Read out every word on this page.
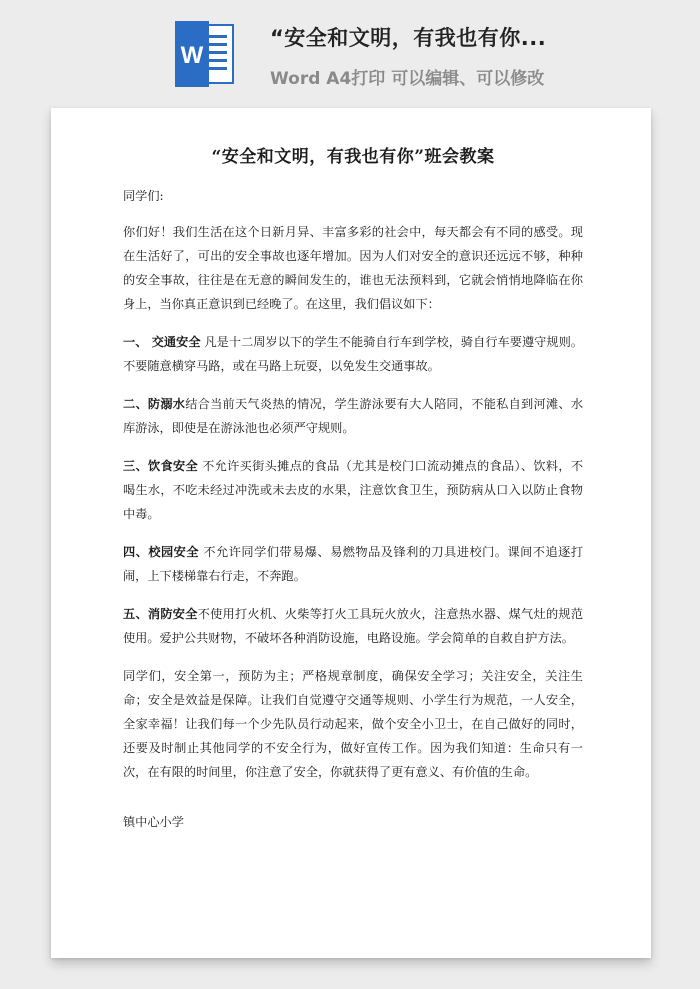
W
“安全和文明，有我也有你...
Word A4打印 可以编辑、可以修改
“安全和文明，有我也有你”班会教案

同学们:

你们好！我们生活在这个日新月异、丰富多彩的社会中，每天都会有不同的感受。现在生活好了，可出的安全事故也逐年增加。因为人们对安全的意识还远远不够，种种的安全事故，往往是在无意的瞬间发生的，谁也无法预料到，它就会悄悄地降临在你身上，当你真正意识到已经晚了。在这里，我们倡议如下：

一、 交通安全 凡是十二周岁以下的学生不能骑自行车到学校，骑自行车要遵守规则。不要随意横穿马路，或在马路上玩耍，以免发生交通事故。

二、防溺水结合当前天气炎热的情况，学生游泳要有大人陪同，不能私自到河滩、水库游泳，即使是在游泳池也必须严守规则。

三、饮食安全 不允许买街头摊点的食品（尤其是校门口流动摊点的食品）、饮料，不喝生水，不吃未经过冲洗或未去皮的水果，注意饮食卫生，预防病从口入以防止食物中毒。

四、校园安全 不允许同学们带易爆、易燃物品及锋利的刀具进校门。课间不追逐打闹，上下楼梯靠右行走，不奔跑。

五、消防安全不使用打火机、火柴等打火工具玩火放火，注意热水器、煤气灶的规范使用。爱护公共财物，不破坏各种消防设施，电路设施。学会简单的自救自护方法。

同学们，安全第一，预防为主；严格规章制度，确保安全学习；关注安全，关注生命；安全是效益是保障。让我们自觉遵守交通等规则、小学生行为规范，一人安全，全家幸福！让我们每一个少先队员行动起来，做个安全小卫士，在自己做好的同时，还要及时制止其他同学的不安全行为，做好宣传工作。因为我们知道：生命只有一次，在有限的时间里，你注意了安全，你就获得了更有意义、有价值的生命。

镇中心小学
